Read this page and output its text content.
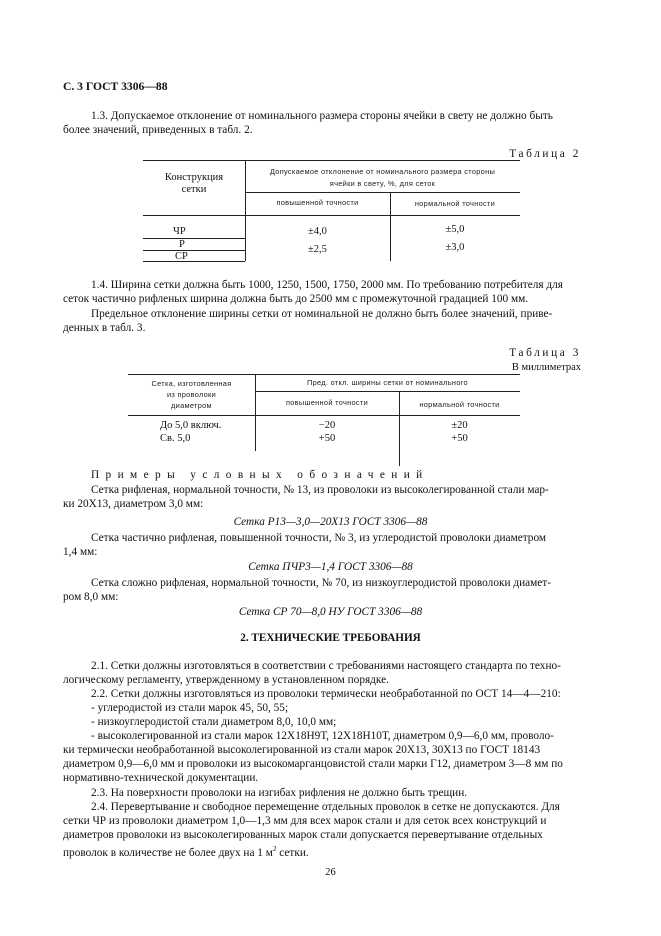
С. 3 ГОСТ 3306—88
1.3. Допускаемое отклонение от номинального размера стороны ячейки в свету не должно быть
более значений, приведенных в табл. 2.
Таблица 2
Конструкция
сетки
Допускаемое отклонение от номинального размера стороны
ячейки в свету, %, для сеток
повышенной точности	нормальной точности
ЧР	±4,0	±5,0
Р	±2,5	±3,0
СР
1.4. Ширина сетки должна быть 1000, 1250, 1500, 1750, 2000 мм. По требованию потребителя для
сеток частично рифленых ширина должна быть до 2500 мм с промежуточной градацией 100 мм.
Предельное отклонение ширины сетки от номинальной не должно быть более значений, приве-
денных в табл. 3.
Таблица 3
В миллиметрах
Сетка, изготовленная
из проволоки
диаметром
Пред. откл. ширины сетки от номинального
повышенной точности	нормальной точности
До 5,0 включ.	−20	±20
Св. 5,0	+50	+50
Примеры условных обозначений
Сетка рифленая, нормальной точности, № 13, из проволоки из высоколегированной стали мар-
ки 20Х13, диаметром 3,0 мм:
Сетка Р13—3,0—20Х13 ГОСТ 3306—88
Сетка частично рифленая, повышенной точности, № 3, из углеродистой проволоки диаметром
1,4 мм:
Сетка ПЧР3—1,4 ГОСТ 3306—88
Сетка сложно рифленая, нормальной точности, № 70, из низкоуглеродистой проволоки диамет-
ром 8,0 мм:
Сетка СР 70—8,0 НУ ГОСТ 3306—88
2. ТЕХНИЧЕСКИЕ ТРЕБОВАНИЯ
2.1. Сетки должны изготовляться в соответствии с требованиями настоящего стандарта по техно-
логическому регламенту, утвержденному в установленном порядке.
2.2. Сетки должны изготовляться из проволоки термически необработанной по ОСТ 14—4—210:
- углеродистой из стали марок 45, 50, 55;
- низкоуглеродистой стали диаметром 8,0, 10,0 мм;
- высоколегированной из стали марок 12Х18Н9Т, 12Х18Н10Т, диаметром 0,9—6,0 мм, проволо-
ки термически необработанной высоколегированной из стали марок 20Х13, 30Х13 по ГОСТ 18143
диаметром 0,9—6,0 мм и проволоки из высокомарганцовистой стали марки Г12, диаметром 3—8 мм по
нормативно-технической документации.
2.3. На поверхности проволоки на изгибах рифления не должно быть трещин.
2.4. Перевертывание и свободное перемещение отдельных проволок в сетке не допускаются. Для
сетки ЧР из проволоки диаметром 1,0—1,3 мм для всех марок стали и для сеток всех конструкций и
диаметров проволоки из высоколегированных марок стали допускается перевертывание отдельных
проволок в количестве не более двух на 1 $м^2$ сетки.
26
